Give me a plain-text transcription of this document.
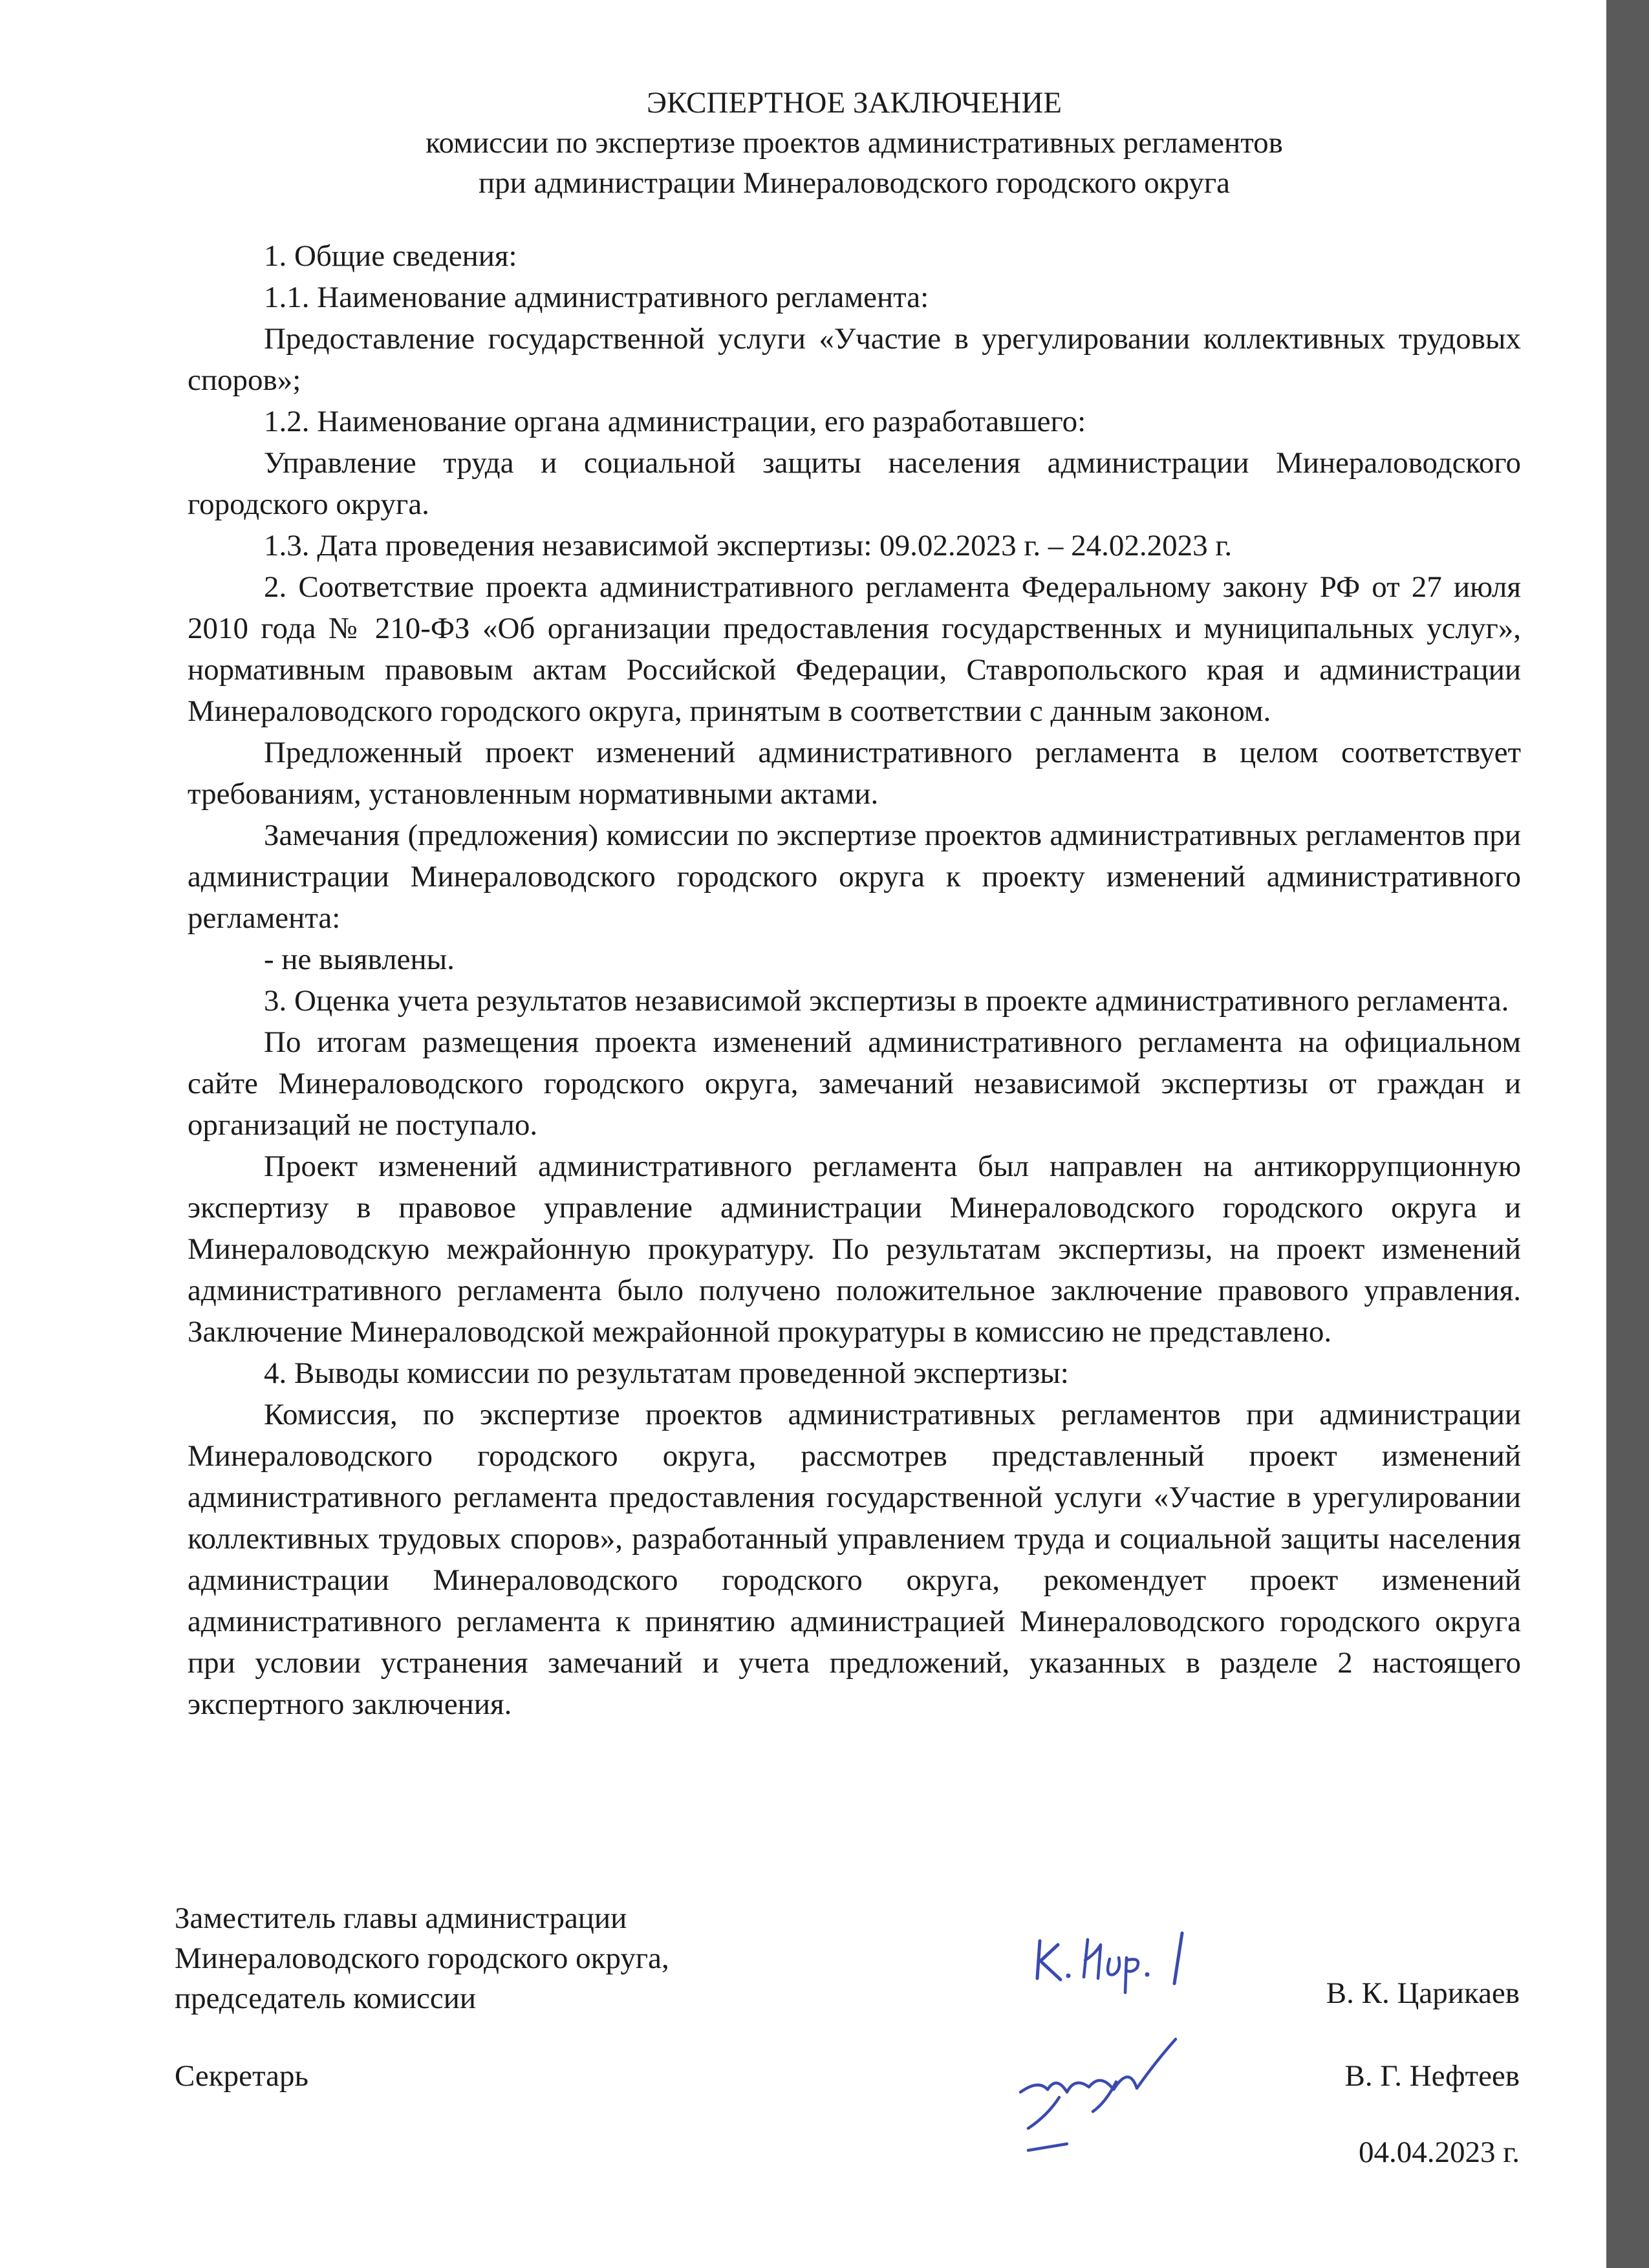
ЭКСПЕРТНОЕ ЗАКЛЮЧЕНИЕ
комиссии по экспертизе проектов административных регламентов
при администрации Минераловодского городского округа

1. Общие сведения:

1.1. Наименование административного регламента:

Предоставление государственной услуги «Участие в урегулировании коллективных трудовых споров»;

1.2. Наименование органа администрации, его разработавшего:

Управление труда и социальной защиты населения администрации Минераловодского городского округа.

1.3. Дата проведения независимой экспертизы: 09.02.2023 г. – 24.02.2023 г.

2. Соответствие проекта административного регламента Федеральному закону РФ от 27 июля 2010 года № 210-ФЗ «Об организации предоставления государственных и муниципальных услуг», нормативным правовым актам Российской Федерации, Ставропольского края и администрации Минераловодского городского округа, принятым в соответствии с данным законом.

Предложенный проект изменений административного регламента в целом соответствует требованиям, установленным нормативными актами.

Замечания (предложения) комиссии по экспертизе проектов административных регламентов при администрации Минераловодского городского округа к проекту изменений административного регламента:

- не выявлены.

3. Оценка учета результатов независимой экспертизы в проекте административного регламента.

По итогам размещения проекта изменений административного регламента на официальном сайте Минераловодского городского округа, замечаний независимой экспертизы от граждан и организаций не поступало.

Проект изменений административного регламента был направлен на антикоррупционную экспертизу в правовое управление администрации Минераловодского городского округа и Минераловодскую межрайонную прокуратуру. По результатам экспертизы, на проект изменений административного регламента было получено положительное заключение правового управления. Заключение Минераловодской межрайонной прокуратуры в комиссию не представлено.

4. Выводы комиссии по результатам проведенной экспертизы:

Комиссия, по экспертизе проектов административных регламентов при администрации Минераловодского городского округа, рассмотрев представленный проект изменений административного регламента предоставления государственной услуги «Участие в урегулировании коллективных трудовых споров», разработанный управлением труда и социальной защиты населения администрации Минераловодского городского округа, рекомендует проект изменений административного регламента к принятию администрацией Минераловодского городского округа при условии устранения замечаний и учета предложений, указанных в разделе 2 настоящего экспертного заключения.

Заместитель главы администрации
Минераловодского городского округа,
председатель комиссии	В. К. Царикаев
Секретарь	В. Г. Нефтеев
04.04.2023 г.
